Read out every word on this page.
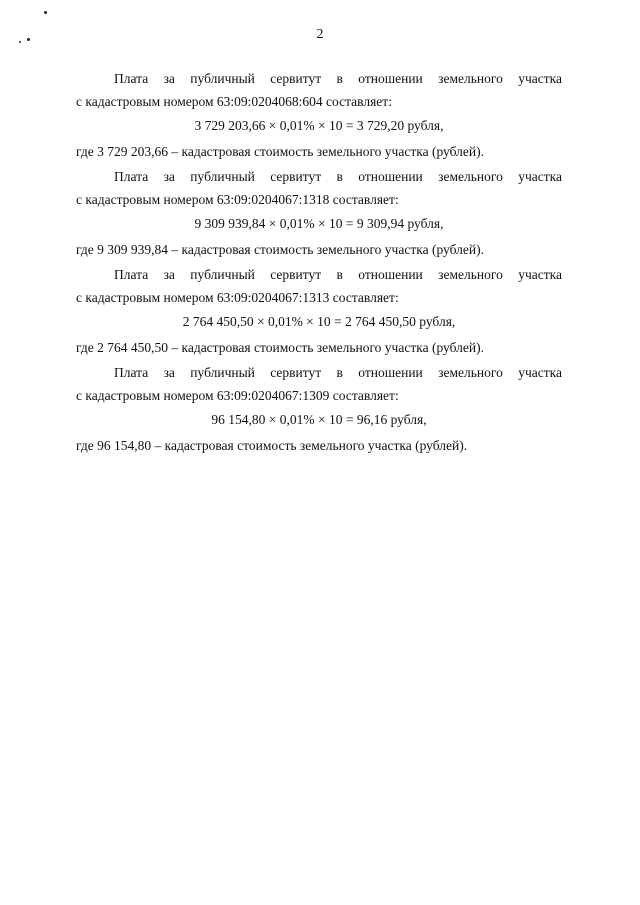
2
Плата за публичный сервитут в отношении земельного участка
с кадастровым номером 63:09:0204068:604 составляет:
3 729 203,66 × 0,01% × 10 = 3 729,20 рубля,
где 3 729 203,66 – кадастровая стоимость земельного участка (рублей).
Плата за публичный сервитут в отношении земельного участка
с кадастровым номером 63:09:0204067:1318 составляет:
9 309 939,84 × 0,01% × 10 = 9 309,94 рубля,
где 9 309 939,84 – кадастровая стоимость земельного участка (рублей).
Плата за публичный сервитут в отношении земельного участка
с кадастровым номером 63:09:0204067:1313 составляет:
2 764 450,50 × 0,01% × 10 = 2 764 450,50 рубля,
где 2 764 450,50 – кадастровая стоимость земельного участка (рублей).
Плата за публичный сервитут в отношении земельного участка
с кадастровым номером 63:09:0204067:1309 составляет:
96 154,80 × 0,01% × 10 = 96,16 рубля,
где 96 154,80 – кадастровая стоимость земельного участка (рублей).
